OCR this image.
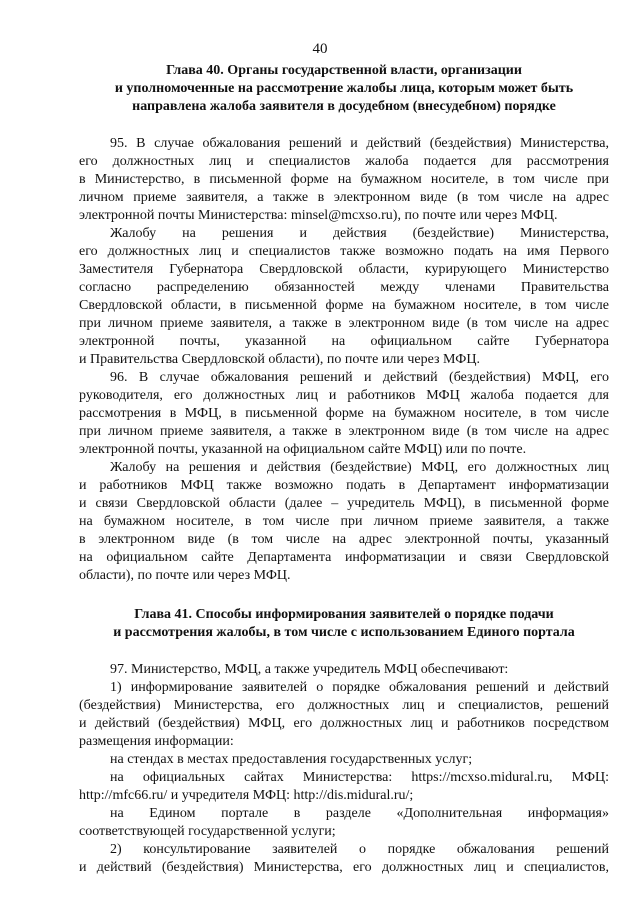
40
Глава 40. Органы государственной власти, организации
и уполномоченные на рассмотрение жалобы лица, которым может быть
направлена жалоба заявителя в досудебном (внесудебном) порядке
95. В случае обжалования решений и действий (бездействия) Министерства,
его должностных лиц и специалистов жалоба подается для рассмотрения
в Министерство, в письменной форме на бумажном носителе, в том числе при
личном приеме заявителя, а также в электронном виде (в том числе на адрес
электронной почты Министерства: minsel@mcxso.ru), по почте или через МФЦ.
Жалобу на решения и действия (бездействие) Министерства,
его должностных лиц и специалистов также возможно подать на имя Первого
Заместителя Губернатора Свердловской области, курирующего Министерство
согласно распределению обязанностей между членами Правительства
Свердловской области, в письменной форме на бумажном носителе, в том числе
при личном приеме заявителя, а также в электронном виде (в том числе на адрес
электронной почты, указанной на официальном сайте Губернатора
и Правительства Свердловской области), по почте или через МФЦ.
96. В случае обжалования решений и действий (бездействия) МФЦ, его
руководителя, его должностных лиц и работников МФЦ жалоба подается для
рассмотрения в МФЦ, в письменной форме на бумажном носителе, в том числе
при личном приеме заявителя, а также в электронном виде (в том числе на адрес
электронной почты, указанной на официальном сайте МФЦ) или по почте.
Жалобу на решения и действия (бездействие) МФЦ, его должностных лиц
и работников МФЦ также возможно подать в Департамент информатизации
и связи Свердловской области (далее – учредитель МФЦ), в письменной форме
на бумажном носителе, в том числе при личном приеме заявителя, а также
в электронном виде (в том числе на адрес электронной почты, указанный
на официальном сайте Департамента информатизации и связи Свердловской
области), по почте или через МФЦ.
Глава 41. Способы информирования заявителей о порядке подачи
и рассмотрения жалобы, в том числе с использованием Единого портала
97. Министерство, МФЦ, а также учредитель МФЦ обеспечивают:
1) информирование заявителей о порядке обжалования решений и действий
(бездействия) Министерства, его должностных лиц и специалистов, решений
и действий (бездействия) МФЦ, его должностных лиц и работников посредством
размещения информации:
на стендах в местах предоставления государственных услуг;
на официальных сайтах Министерства: https://mcxso.midural.ru, МФЦ:
http://mfc66.ru/ и учредителя МФЦ: http://dis.midural.ru/;
на Едином портале в разделе «Дополнительная информация»
соответствующей государственной услуги;
2) консультирование заявителей о порядке обжалования решений
и действий (бездействия) Министерства, его должностных лиц и специалистов,
